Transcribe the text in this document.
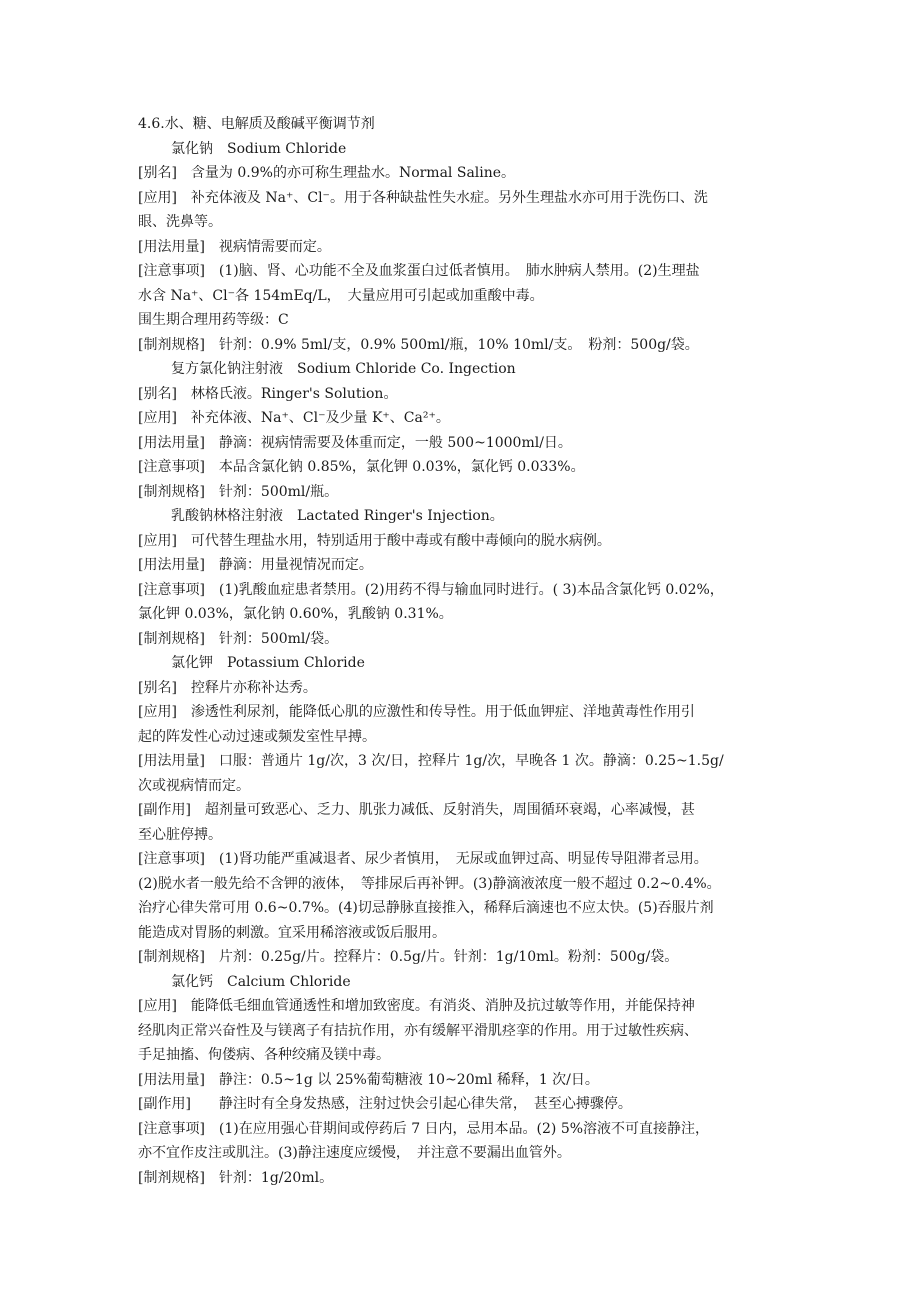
4.6.水、糖、电解质及酸碱平衡调节剂
氯化钠　Sodium Chloride
[别名]　含量为 0.9%的亦可称生理盐水。Normal Saline。
[应用]　补充体液及 Na⁺、Cl⁻。用于各种缺盐性失水症。另外生理盐水亦可用于洗伤口、洗
眼、洗鼻等。
[用法用量]　视病情需要而定。
[注意事项]　(1)脑、肾、心功能不全及血浆蛋白过低者慎用。　肺水肿病人禁用。(2)生理盐
水含 Na⁺、Cl⁻各 154mEq/L，　大量应用可引起或加重酸中毒。
围生期合理用药等级：C
[制剂规格]　针剂：0.9% 5ml/支，0.9% 500ml/瓶，10% 10ml/支。　粉剂：500g/袋。
复方氯化钠注射液　Sodium Chloride Co. Ingection
[别名]　林格氏液。Ringer's Solution。
[应用]　补充体液、Na⁺、Cl⁻及少量 K⁺、Ca²⁺。
[用法用量]　静滴：视病情需要及体重而定，一般 500~1000ml/日。
[注意事项]　本品含氯化钠 0.85%，氯化钾 0.03%，氯化钙 0.033%。
[制剂规格]　针剂：500ml/瓶。
乳酸钠林格注射液　Lactated Ringer's Injection。
[应用]　可代替生理盐水用，特别适用于酸中毒或有酸中毒倾向的脱水病例。
[用法用量]　静滴：用量视情况而定。
[注意事项]　(1)乳酸血症患者禁用。(2)用药不得与输血同时进行。( 3)本品含氯化钙 0.02%，
氯化钾 0.03%，氯化钠 0.60%，乳酸钠 0.31%。
[制剂规格]　针剂：500ml/袋。
氯化钾　Potassium Chloride
[别名]　控释片亦称补达秀。
[应用]　渗透性利尿剂，能降低心肌的应激性和传导性。用于低血钾症、洋地黄毒性作用引
起的阵发性心动过速或频发室性早搏。
[用法用量]　口服：普通片 1g/次，3 次/日，控释片 1g/次，早晚各 1 次。静滴：0.25~1.5g/
次或视病情而定。
[副作用]　超剂量可致恶心、乏力、肌张力减低、反射消失，周围循环衰竭，心率减慢，甚
至心脏停搏。
[注意事项]　(1)肾功能严重减退者、尿少者慎用，　无尿或血钾过高、明显传导阻滞者忌用。
(2)脱水者一般先给不含钾的液体，　等排尿后再补钾。(3)静滴液浓度一般不超过 0.2~0.4%。
治疗心律失常可用 0.6~0.7%。(4)切忌静脉直接推入，稀释后滴速也不应太快。(5)吞服片剂
能造成对胃肠的刺激。宜采用稀溶液或饭后服用。
[制剂规格]　片剂：0.25g/片。控释片：0.5g/片。针剂：1g/10ml。粉剂：500g/袋。
氯化钙　Calcium Chloride
[应用]　能降低毛细血管通透性和增加致密度。有消炎、消肿及抗过敏等作用，并能保持神
经肌肉正常兴奋性及与镁离子有拮抗作用，亦有缓解平滑肌痉挛的作用。用于过敏性疾病、
手足抽搐、佝偻病、各种绞痛及镁中毒。
[用法用量]　静注：0.5~1g 以 25%葡萄糖液 10~20ml 稀释，1 次/日。
[副作用]　　静注时有全身发热感，注射过快会引起心律失常，　甚至心搏骤停。
[注意事项]　(1)在应用强心苷期间或停药后 7 日内，忌用本品。(2) 5%溶液不可直接静注，
亦不宜作皮注或肌注。(3)静注速度应缓慢，　并注意不要漏出血管外。
[制剂规格]　针剂：1g/20ml。
